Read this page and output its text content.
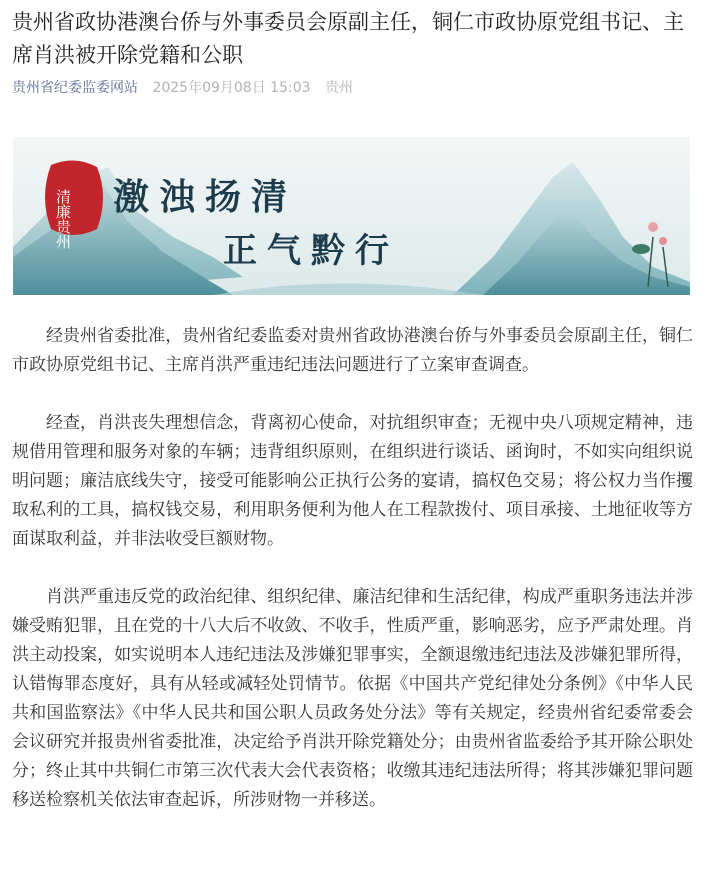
贵州省政协港澳台侨与外事委员会原副主任，铜仁市政协原党组书记、主席肖洪被开除党籍和公职
贵州省纪委监委网站 2025年09月08日 15:03 贵州
清廉贵州 激浊扬清
正气黔行

经贵州省委批准，贵州省纪委监委对贵州省政协港澳台侨与外事委员会原副主任，铜仁市政协原党组书记、主席肖洪严重违纪违法问题进行了立案审查调查。

经查，肖洪丧失理想信念，背离初心使命，对抗组织审查；无视中央八项规定精神，违规借用管理和服务对象的车辆；违背组织原则，在组织进行谈话、函询时，不如实向组织说明问题；廉洁底线失守，接受可能影响公正执行公务的宴请，搞权色交易；将公权力当作攫取私利的工具，搞权钱交易，利用职务便利为他人在工程款拨付、项目承接、土地征收等方面谋取利益，并非法收受巨额财物。

肖洪严重违反党的政治纪律、组织纪律、廉洁纪律和生活纪律，构成严重职务违法并涉嫌受贿犯罪，且在党的十八大后不收敛、不收手，性质严重，影响恶劣，应予严肃处理。肖洪主动投案，如实说明本人违纪违法及涉嫌犯罪事实，全额退缴违纪违法及涉嫌犯罪所得，认错悔罪态度好，具有从轻或减轻处罚情节。依据《中国共产党纪律处分条例》《中华人民共和国监察法》《中华人民共和国公职人员政务处分法》等有关规定，经贵州省纪委常委会会议研究并报贵州省委批准，决定给予肖洪开除党籍处分；由贵州省监委给予其开除公职处分；终止其中共铜仁市第三次代表大会代表资格；收缴其违纪违法所得；将其涉嫌犯罪问题移送检察机关依法审查起诉，所涉财物一并移送。
